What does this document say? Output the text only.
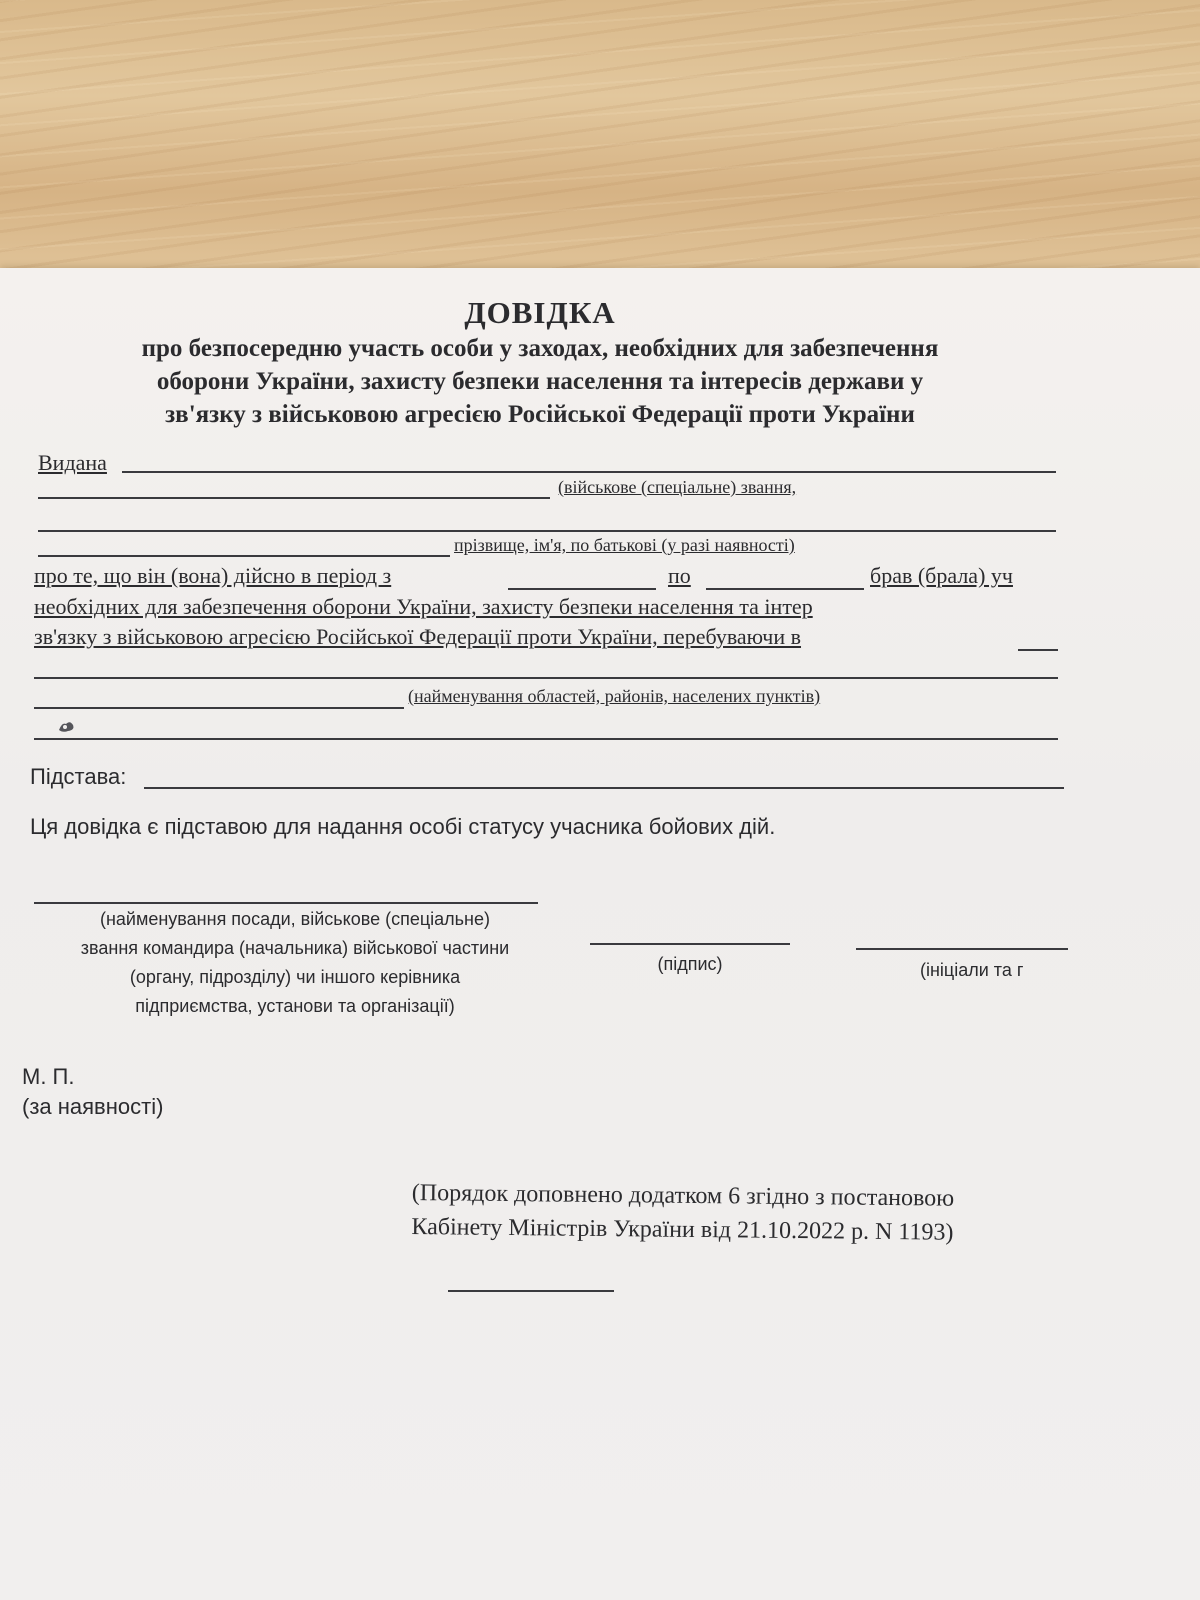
ДОВІДКА
про безпосередню участь особи у заходах, необхідних для забезпечення
оборони України, захисту безпеки населення та інтересів держави у
зв'язку з військовою агресією Російської Федерації проти України
Видана
(військове (спеціальне) звання,
прізвище, ім'я, по батькові (у разі наявності)
про те, що він (вона) дійсно в період з	по	брав (брала) уч
необхідних для забезпечення оборони України, захисту безпеки населення та інтер
зв'язку з військовою агресією Російської Федерації проти України, перебуваючи в
(найменування областей, районів, населених пунктів)
Підстава:
Ця довідка є підставою для надання особі статусу учасника бойових дій.
(найменування посади, військове (спеціальне)
звання командира (начальника) військової частини
(органу, підрозділу) чи іншого керівника
підприємства, установи та організації)
(підпис)	(ініціали та г
М. П.
(за наявності)
(Порядок доповнено додатком 6 згідно з постановою
Кабінету Міністрів України від 21.10.2022 р. N 1193)
